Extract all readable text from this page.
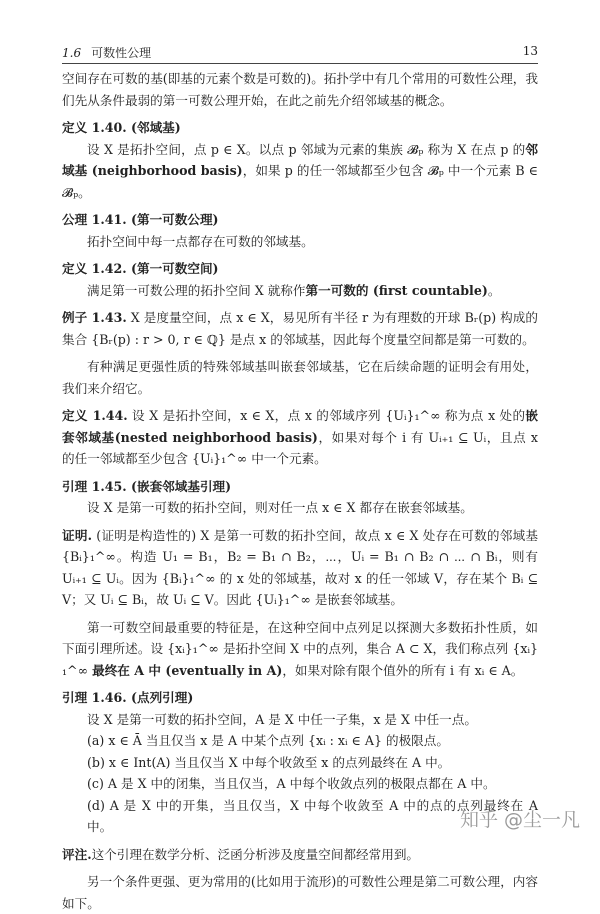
1.6 可数性公理	13

空间存在可数的基(即基的元素个数是可数的)。拓扑学中有几个常用的可数性公理，我们先从条件最弱的第一可数公理开始，在此之前先介绍邻域基的概念。

定义 1.40. (邻域基)

设 X 是拓扑空间，点 p ∈ X。以点 p 邻域为元素的集族 𝓑ₚ 称为 X 在点 p 的邻域基 (neighborhood basis)，如果 p 的任一邻域都至少包含 𝓑ₚ 中一个元素 B ∈ 𝓑ₚ。

公理 1.41. (第一可数公理)

拓扑空间中每一点都存在可数的邻域基。

定义 1.42. (第一可数空间)

满足第一可数公理的拓扑空间 X 就称作第一可数的 (first countable)。

例子 1.43. X 是度量空间，点 x ∈ X，易见所有半径 r 为有理数的开球 Bᵣ(p) 构成的集合 {Bᵣ(p) : r > 0, r ∈ ℚ} 是点 x 的邻域基，因此每个度量空间都是第一可数的。

有种满足更强性质的特殊邻域基叫嵌套邻域基，它在后续命题的证明会有用处，我们来介绍它。

定义 1.44. 设 X 是拓扑空间，x ∈ X，点 x 的邻域序列 {Uᵢ}₁^∞ 称为点 x 处的嵌套邻域基(nested neighborhood basis)，如果对每个 i 有 Uᵢ₊₁ ⊆ Uᵢ，且点 x 的任一邻域都至少包含 {Uᵢ}₁^∞ 中一个元素。

引理 1.45. (嵌套邻域基引理)

设 X 是第一可数的拓扑空间，则对任一点 x ∈ X 都存在嵌套邻域基。

证明. (证明是构造性的) X 是第一可数的拓扑空间，故点 x ∈ X 处存在可数的邻域基 {Bᵢ}₁^∞。构造 U₁ = B₁，B₂ = B₁ ∩ B₂，⋯，Uᵢ = B₁ ∩ B₂ ∩ ⋯ ∩ Bᵢ，则有 Uᵢ₊₁ ⊆ Uᵢ。因为 {Bᵢ}₁^∞ 的 x 处的邻域基，故对 x 的任一邻域 V，存在某个 Bᵢ ⊆ V；又 Uᵢ ⊆ Bᵢ，故 Uᵢ ⊆ V。因此 {Uᵢ}₁^∞ 是嵌套邻域基。

第一可数空间最重要的特征是，在这种空间中点列足以探测大多数拓扑性质，如下面引理所述。设 {xᵢ}₁^∞ 是拓扑空间 X 中的点列，集合 A ⊂ X，我们称点列 {xᵢ}₁^∞ 最终在 A 中 (eventually in A)，如果对除有限个值外的所有 i 有 xᵢ ∈ A。

引理 1.46. (点列引理)

设 X 是第一可数的拓扑空间，A 是 X 中任一子集，x 是 X 中任一点。

(a) x ∈ Ā 当且仅当 x 是 A 中某个点列 {xᵢ : xᵢ ∈ A} 的极限点。

(b) x ∈ Int(A) 当且仅当 X 中每个收敛至 x 的点列最终在 A 中。

(c) A 是 X 中的闭集，当且仅当，A 中每个收敛点列的极限点都在 A 中。

(d) A 是 X 中的开集，当且仅当，X 中每个收敛至 A 中的点的点列最终在 A 中。

评注.这个引理在数学分析、泛函分析涉及度量空间都经常用到。

另一个条件更强、更为常用的(比如用于流形)的可数性公理是第二可数公理，内容如下。

知乎 @尘一凡
